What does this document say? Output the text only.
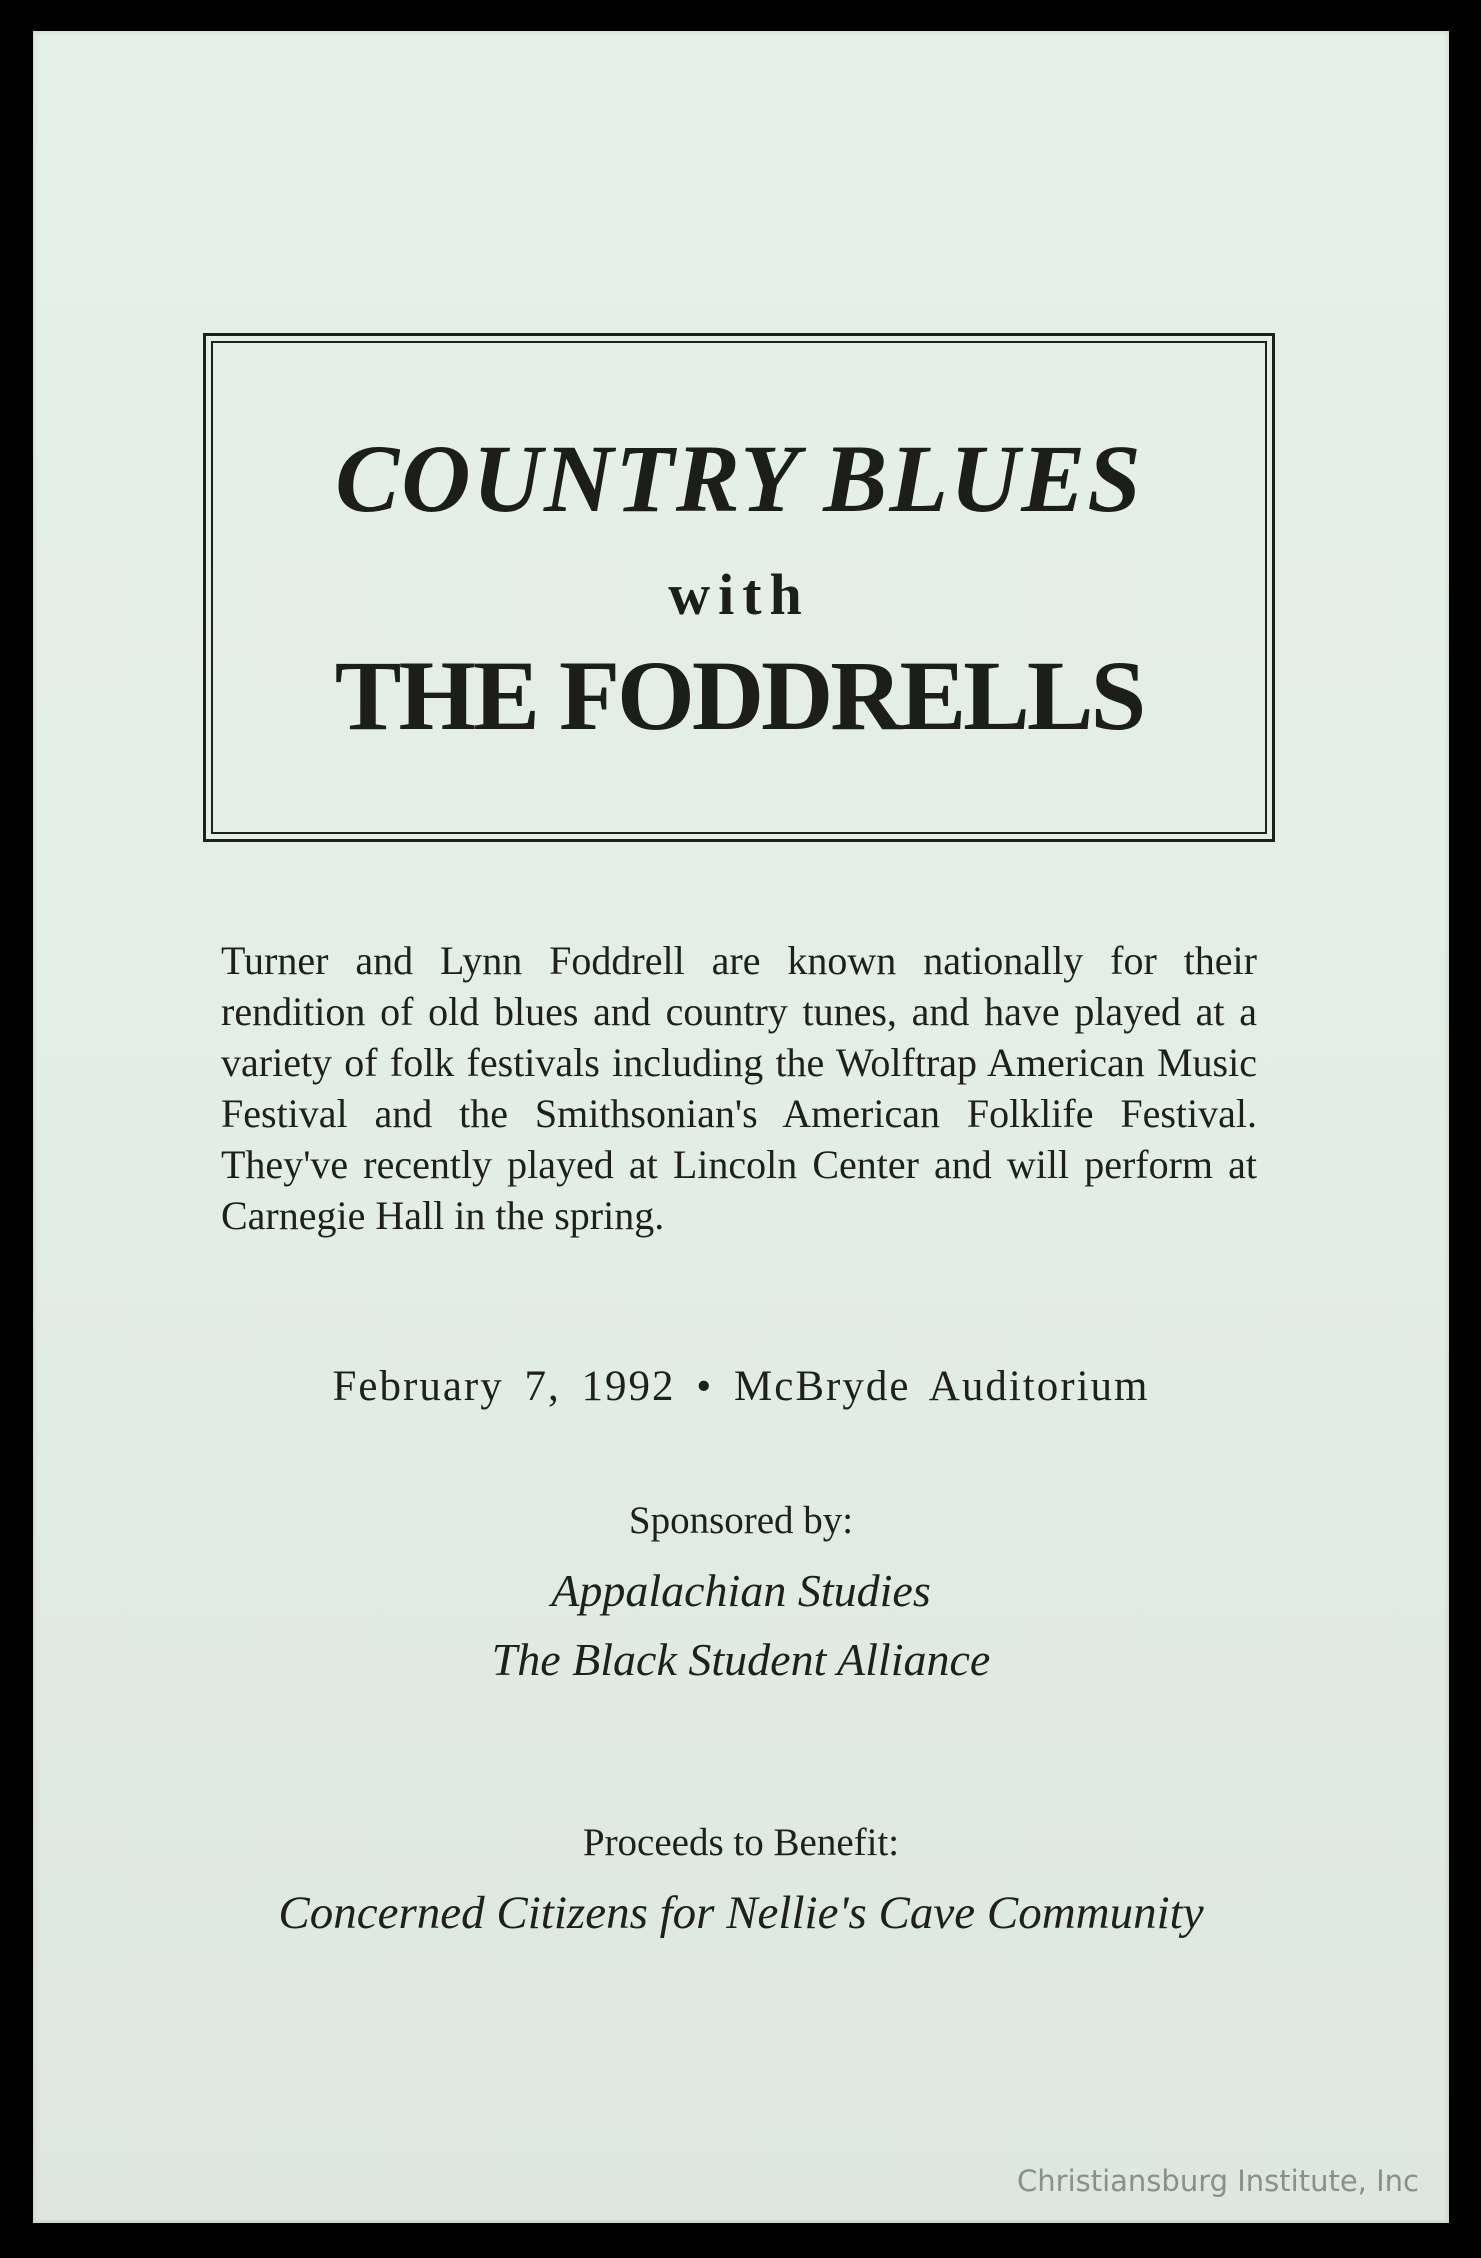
COUNTRY BLUES
with
THE FODDRELLS
Turner and Lynn Foddrell are known nationally for their rendition of old blues and country tunes, and have played at a variety of folk festivals including the Wolftrap American Music Festival and the Smithsonian's American Folklife Festival. They've recently played at Lincoln Center and will perform at Carnegie Hall in the spring.
February 7, 1992 • McBryde Auditorium
Sponsored by:
Appalachian Studies
The Black Student Alliance
Proceeds to Benefit:
Concerned Citizens for Nellie's Cave Community
Christiansburg Institute, Inc
